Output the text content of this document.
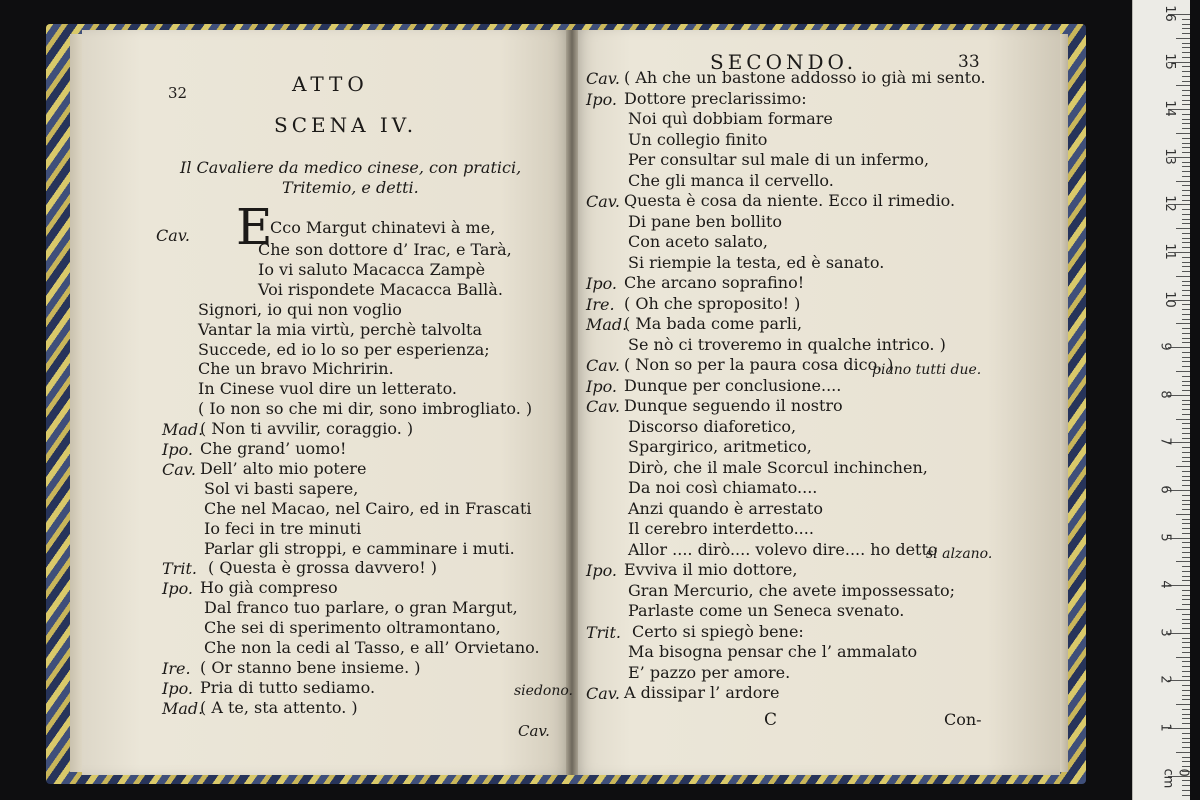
16
15
14
13
12
11
10
9
8
7
6
5
4
3
2
1
0 cm
32	ATTO
SCENA IV.
Il Cavaliere da medico cinese, con pratici,
Tritemio, e detti.
Cav. E
Cco Margut chinatevi à me,
Che son dottore d’ Irac, e Tarà,
Io vi saluto Macacca Zampè
Voi rispondete Macacca Ballà.
Signori, io qui non voglio
Vantar la mia virtù, perchè talvolta
Succede, ed io lo so per esperienza;
Che un bravo Michririn.
In Cinese vuol dire un letterato.
( Io non so che mi dir, sono imbrogliato. )
Mad.
( Non ti avvilir, coraggio. )
Ipo. Che grand’ uomo!
Cav. Dell’ alto mio potere
Sol vi basti sapere,
Che nel Macao, nel Cairo, ed in Frascati
Io feci in tre minuti
Parlar gli stroppi, e camminare i muti.
Trit. ( Questa è grossa davvero! )
Ipo. Ho già compreso
Dal franco tuo parlare, o gran Margut,
Che sei di sperimento oltramontano,
Che non la cedi al Tasso, e all’ Orvietano.
Ire. ( Or stanno bene insieme. )
Ipo. Pria di tutto sediamo.
Mad.
( A te, sta attento. )
siedono.
Cav.
SECONDO.	33
Cav. ( Ah che un bastone addosso io già mi sento.
Ipo. Dottore preclarissimo:
Noi quì dobbiam formare
Un collegio finito
Per consultar sul male di un infermo,
Che gli manca il cervello.
Cav. Questa è cosa da niente. Ecco il rimedio.
Di pane ben bollito
Con aceto salato,
Si riempie la testa, ed è sanato.
Ipo. Che arcano soprafino!
Ire. ( Oh che sproposito! )
Mad.
( Ma bada come parli,
Se nò ci troveremo in qualche intrico. )
Cav. ( Non so per la paura cosa dico. )
Ipo. Dunque per conclusione....
Cav. Dunque seguendo il nostro
Discorso diaforetico,
Spargirico, aritmetico,
Dirò, che il male Scorcul inchinchen,
Da noi così chiamato....
Anzi quando è arrestato
Il cerebro interdetto....
Allor .... dirò.... volevo dire.... ho detto
Ipo. Evviva il mio dottore,
Gran Mercurio, che avete impossessato;
Parlaste come un Seneca svenato.
Trit. Certo si spiegò bene:
Ma bisogna pensar che l’ ammalato
E’ pazzo per amore.
Cav. A dissipar l’ ardore
piano tutti due.
si alzano.
C	Con-
